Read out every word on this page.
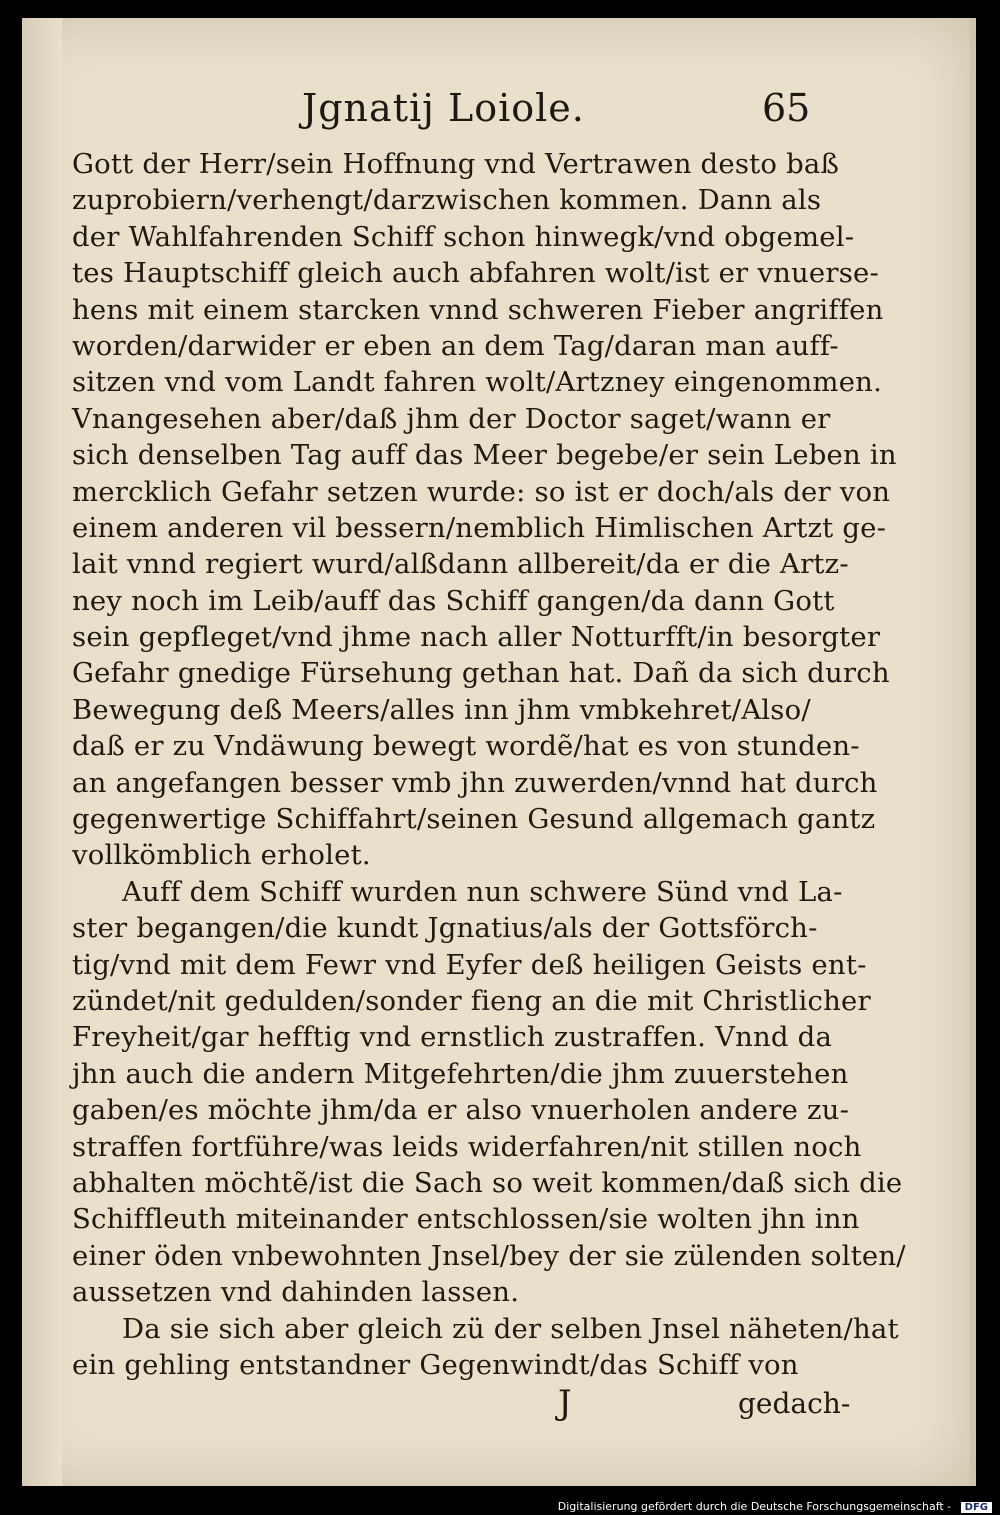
Jgnatij Loiole.	65
Gott der Herr/sein Hoffnung vnd Vertrawen desto baß
zuprobiern/verhengt/darzwischen kommen. Dann als
der Wahlfahrenden Schiff schon hinwegk/vnd obgemel-
tes Hauptschiff gleich auch abfahren wolt/ist er vnuerse-
hens mit einem starcken vnnd schweren Fieber angriffen
worden/darwider er eben an dem Tag/daran man auff-
sitzen vnd vom Landt fahren wolt/Artzney eingenommen.
Vnangesehen aber/daß jhm der Doctor saget/wann er
sich denselben Tag auff das Meer begebe/er sein Leben in
mercklich Gefahr setzen wurde: so ist er doch/als der von
einem anderen vil bessern/nemblich Himlischen Artzt ge-
lait vnnd regiert wurd/alßdann allbereit/da er die Artz-
ney noch im Leib/auff das Schiff gangen/da dann Gott
sein gepfleget/vnd jhme nach aller Notturfft/in besorgter
Gefahr gnedige Fürsehung gethan hat. Dañ da sich durch
Bewegung deß Meers/alles inn jhm vmbkehret/Also/
daß er zu Vndäwung bewegt wordẽ/hat es von stunden-
an angefangen besser vmb jhn zuwerden/vnnd hat durch
gegenwertige Schiffahrt/seinen Gesund allgemach gantz
vollkömblich erholet.
Auff dem Schiff wurden nun schwere Sünd vnd La-
ster begangen/die kundt Jgnatius/als der Gottsförch-
tig/vnd mit dem Fewr vnd Eyfer deß heiligen Geists ent-
zündet/nit gedulden/sonder fieng an die mit Christlicher
Freyheit/gar hefftig vnd ernstlich zustraffen. Vnnd da
jhn auch die andern Mitgefehrten/die jhm zuuerstehen
gaben/es möchte jhm/da er also vnuerholen andere zu-
straffen fortführe/was leids widerfahren/nit stillen noch
abhalten möchtẽ/ist die Sach so weit kommen/daß sich die
Schiffleuth miteinander entschlossen/sie wolten jhn inn
einer öden vnbewohnten Jnsel/bey der sie zülenden solten/
aussetzen vnd dahinden lassen.
Da sie sich aber gleich zü der selben Jnsel näheten/hat
ein gehling entstandner Gegenwindt/das Schiff von
J	gedach-
Digitalisierung gefördert durch die Deutsche Forschungsgemeinschaft - DFG
